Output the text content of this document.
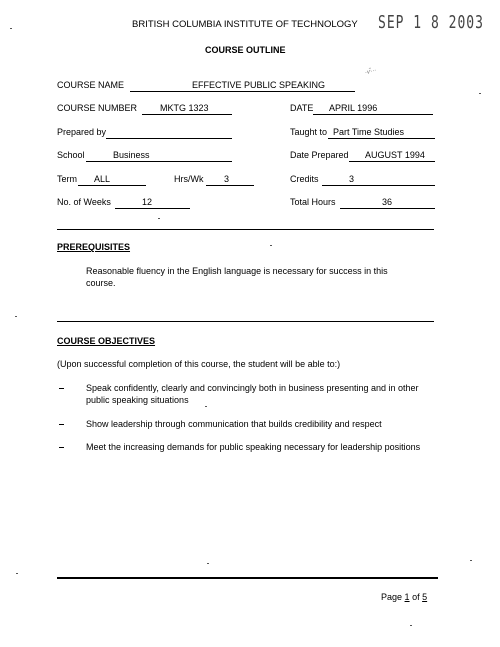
BRITISH COLUMBIA INSTITUTE OF TECHNOLOGY SEP 1 8 2003
COURSE OUTLINE
COURSE NAME	EFFECTIVE PUBLIC SPEAKING
·ѵ·̃··
COURSE NUMBER	MKTG 1323	DATE APRIL 1996
Prepared by	Taught to Part Time Studies
School	Business	Date Prepared AUGUST 1994
Term ALL	Hrs/Wk 3	Credits	3
No. of Weeks	12	Total Hours	36
PREREQUISITES
Reasonable fluency in the English language is necessary for success in this course.
COURSE OBJECTIVES
(Upon successful completion of this course, the student will be able to:)
Speak confidently, clearly and convincingly both in business presenting and in other public speaking situations
Show leadership through communication that builds credibility and respect
Meet the increasing demands for public speaking necessary for leadership positions
Page 1 of 5
